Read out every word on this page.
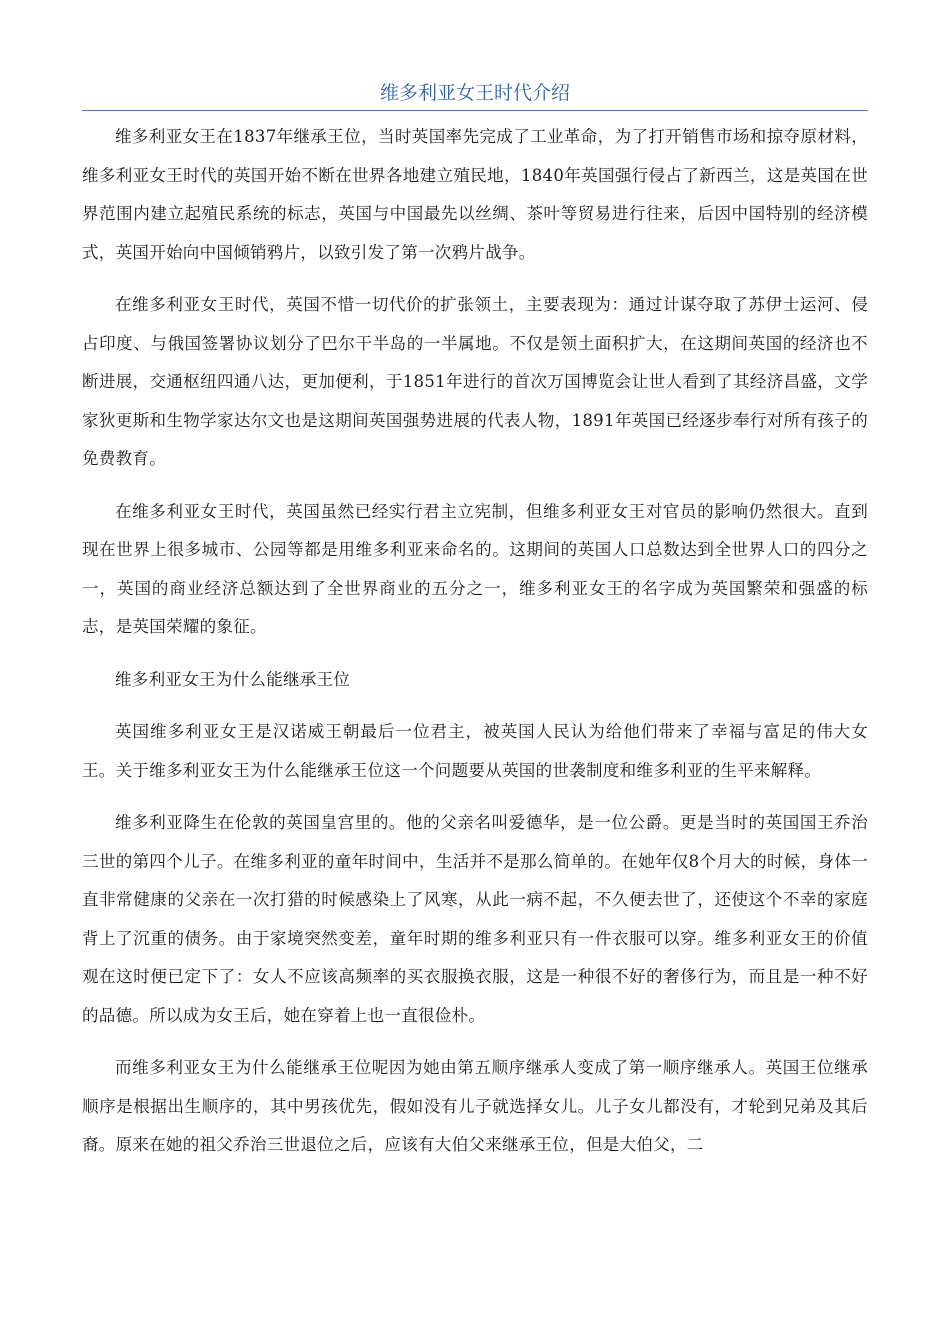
维多利亚女王时代介绍

维多利亚女王在1837年继承王位，当时英国率先完成了工业革命，为了打开销售市场和掠夺原材料，维多利亚女王时代的英国开始不断在世界各地建立殖民地，1840年英国强行侵占了新西兰，这是英国在世界范围内建立起殖民系统的标志，英国与中国最先以丝绸、茶叶等贸易进行往来，后因中国特别的经济模式，英国开始向中国倾销鸦片，以致引发了第一次鸦片战争。

在维多利亚女王时代，英国不惜一切代价的扩张领土，主要表现为：通过计谋夺取了苏伊士运河、侵占印度、与俄国签署协议划分了巴尔干半岛的一半属地。不仅是领土面积扩大，在这期间英国的经济也不断进展，交通枢纽四通八达，更加便利，于1851年进行的首次万国博览会让世人看到了其经济昌盛，文学家狄更斯和生物学家达尔文也是这期间英国强势进展的代表人物，1891年英国已经逐步奉行对所有孩子的免费教育。

在维多利亚女王时代，英国虽然已经实行君主立宪制，但维多利亚女王对官员的影响仍然很大。直到现在世界上很多城市、公园等都是用维多利亚来命名的。这期间的英国人口总数达到全世界人口的四分之一，英国的商业经济总额达到了全世界商业的五分之一，维多利亚女王的名字成为英国繁荣和强盛的标志，是英国荣耀的象征。

维多利亚女王为什么能继承王位

英国维多利亚女王是汉诺威王朝最后一位君主，被英国人民认为给他们带来了幸福与富足的伟大女王。关于维多利亚女王为什么能继承王位这一个问题要从英国的世袭制度和维多利亚的生平来解释。

维多利亚降生在伦敦的英国皇宫里的。他的父亲名叫爱德华，是一位公爵。更是当时的英国国王乔治三世的第四个儿子。在维多利亚的童年时间中，生活并不是那么简单的。在她年仅8个月大的时候，身体一直非常健康的父亲在一次打猎的时候感染上了风寒，从此一病不起，不久便去世了，还使这个不幸的家庭背上了沉重的债务。由于家境突然变差，童年时期的维多利亚只有一件衣服可以穿。维多利亚女王的价值观在这时便已定下了：女人不应该高频率的买衣服换衣服，这是一种很不好的奢侈行为，而且是一种不好的品德。所以成为女王后，她在穿着上也一直很俭朴。

而维多利亚女王为什么能继承王位呢因为她由第五顺序继承人变成了第一顺序继承人。英国王位继承顺序是根据出生顺序的，其中男孩优先，假如没有儿子就选择女儿。儿子女儿都没有，才轮到兄弟及其后裔。原来在她的祖父乔治三世退位之后，应该有大伯父来继承王位，但是大伯父，二
